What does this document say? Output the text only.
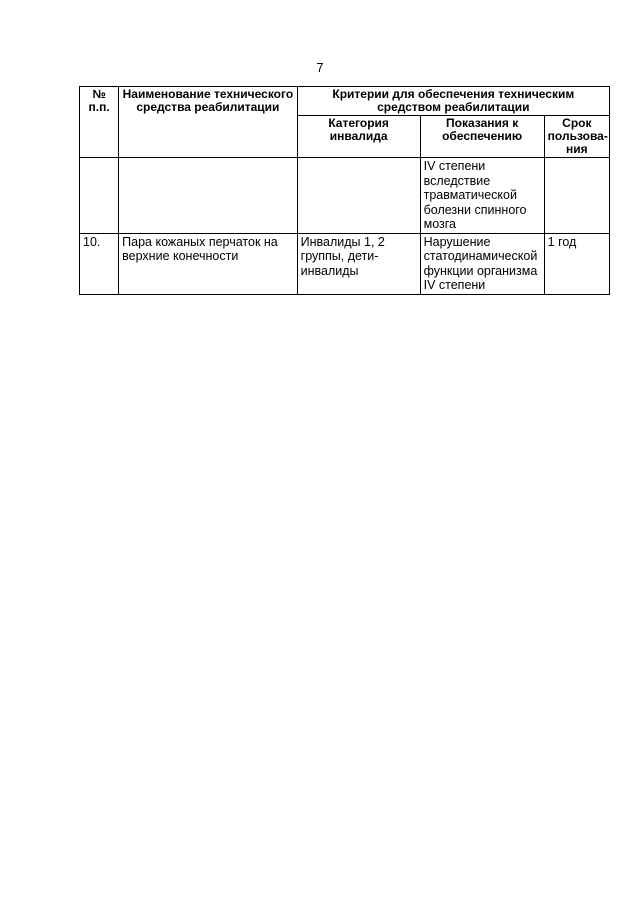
7
№ п.п.	Наименование технического средства реабилитации	Критерии для обеспечения техническим средством реабилитации		
		Категория инвалида	Показания к обеспечению	Срок пользова-ния
			IV степени вследствие травматической болезни спинного мозга	
10.	Пара кожаных перчаток на верхние конечности	Инвалиды 1, 2 группы, дети-инвалиды	Нарушение статодинамической функции организма IV степени	1 год
